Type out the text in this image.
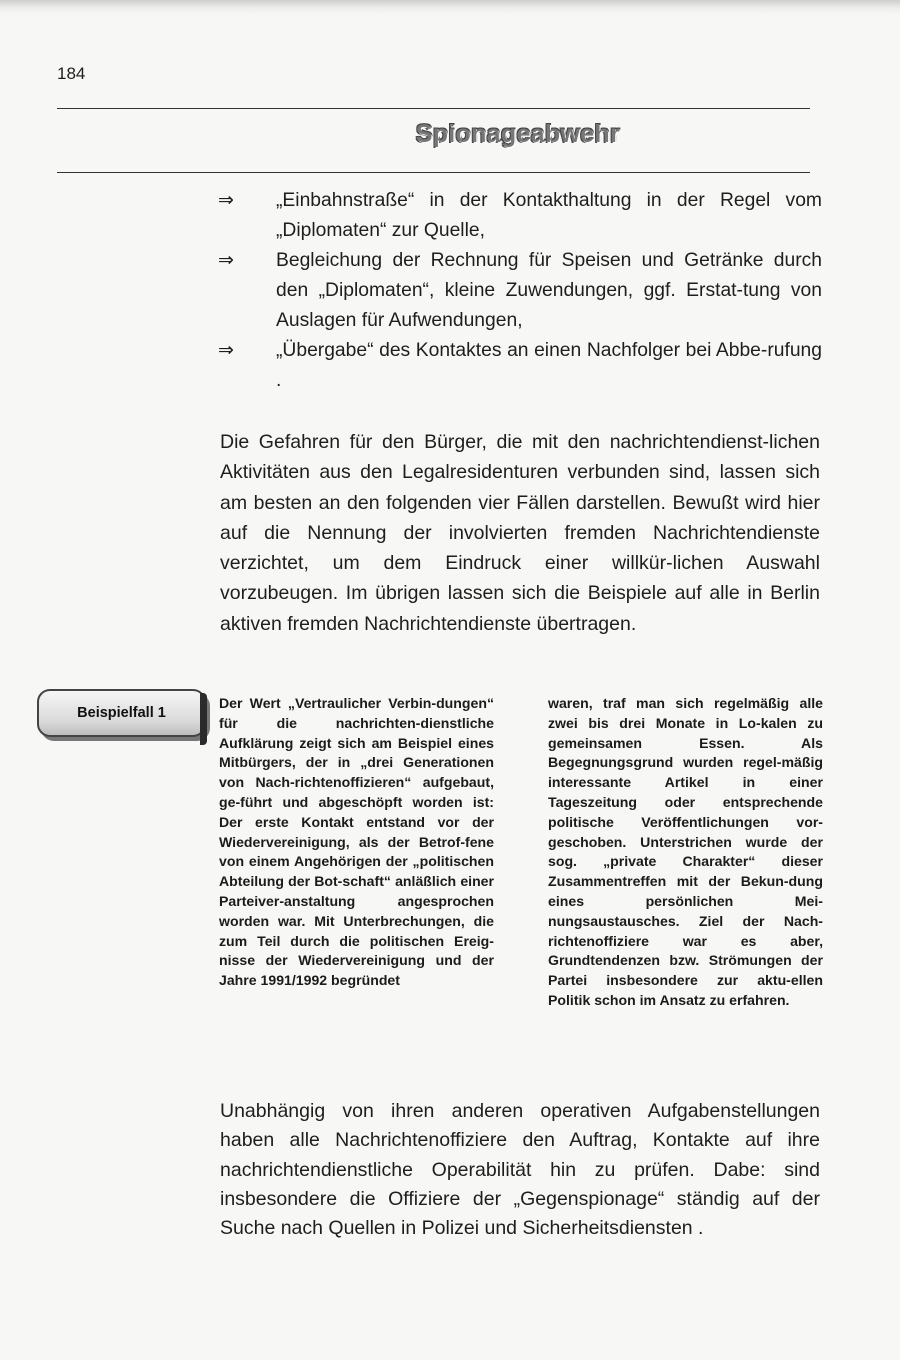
184
Spionageabwehr
⇒ „Einbahnstraße“ in der Kontakthaltung in der Regel vom „Diplomaten“ zur Quelle,
⇒ Begleichung der Rechnung für Speisen und Getränke durch den „Diplomaten“, kleine Zuwendungen, ggf. Erstat-tung von Auslagen für Aufwendungen,
⇒ „Übergabe“ des Kontaktes an einen Nachfolger bei Abbe-rufung .
Die Gefahren für den Bürger, die mit den nachrichtendienst-lichen Aktivitäten aus den Legalresidenturen verbunden sind, lassen sich am besten an den folgenden vier Fällen darstellen. Bewußt wird hier auf die Nennung der involvierten fremden Nachrichtendienste verzichtet, um dem Eindruck einer willkür-lichen Auswahl vorzubeugen. Im übrigen lassen sich die Beispiele auf alle in Berlin aktiven fremden Nachrichtendienste übertragen.
Beispielfall 1
Der Wert „Vertraulicher Verbin-dungen“ für die nachrichten-dienstliche Aufklärung zeigt sich am Beispiel eines Mitbürgers, der in „drei Generationen von Nach-richtenoffizieren“ aufgebaut, ge-führt und abgeschöpft worden ist: Der erste Kontakt entstand vor der Wiedervereinigung, als der Betrof-fene von einem Angehörigen der „politischen Abteilung der Bot-schaft“ anläßlich einer Parteiver-anstaltung angesprochen worden war. Mit Unterbrechungen, die zum Teil durch die politischen Ereig-nisse der Wiedervereinigung und der Jahre 1991/1992 begründet
waren, traf man sich regelmäßig alle zwei bis drei Monate in Lo-kalen zu gemeinsamen Essen. Als Begegnungsgrund wurden regel-mäßig interessante Artikel in einer Tageszeitung oder entsprechende politische Veröffentlichungen vor-geschoben. Unterstrichen wurde der sog. „private Charakter“ dieser Zusammentreffen mit der Bekun-dung eines persönlichen Mei-nungsaustausches. Ziel der Nach-richtenoffiziere war es aber, Grundtendenzen bzw. Strömungen der Partei insbesondere zur aktu-ellen Politik schon im Ansatz zu erfahren.
Unabhängig von ihren anderen operativen Aufgabenstellungen haben alle Nachrichtenoffiziere den Auftrag, Kontakte auf ihre nachrichtendienstliche Operabilität hin zu prüfen. Dabe: sind insbesondere die Offiziere der „Gegenspionage“ ständig auf der Suche nach Quellen in Polizei und Sicherheitsdiensten .
